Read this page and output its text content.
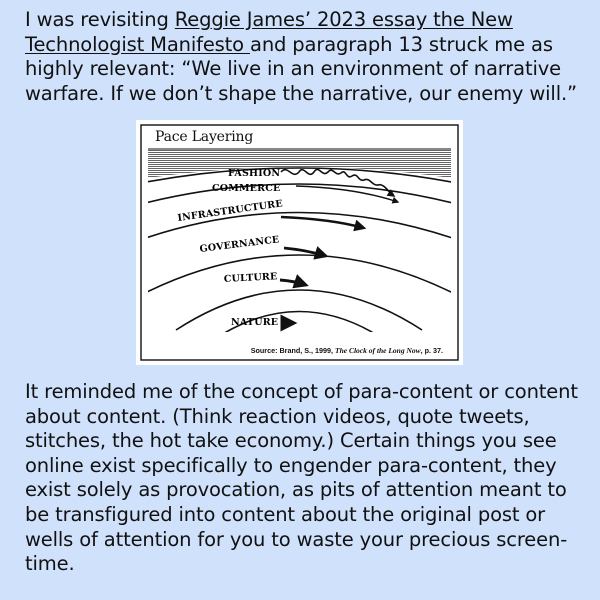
I was revisiting Reggie James’ 2023 essay the New Technologist Manifesto and paragraph 13 struck me as highly relevant: “We live in an environment of narrative warfare. If we don’t shape the narrative, our enemy will.”
FASHION
COMMERCE
INFRASTRUCTURE
GOVERNANCE
CULTURE
NATURE
Pace Layering
Source: Brand, S., 1999, The Clock of the Long Now, p. 37.
It reminded me of the concept of para-content or content about content. (Think reaction videos, quote tweets, stitches, the hot take economy.) Certain things you see online exist specifically to engender para-content, they exist solely as provocation, as pits of attention meant to be transfigured into content about the original post or wells of attention for you to waste your precious screen-time.
